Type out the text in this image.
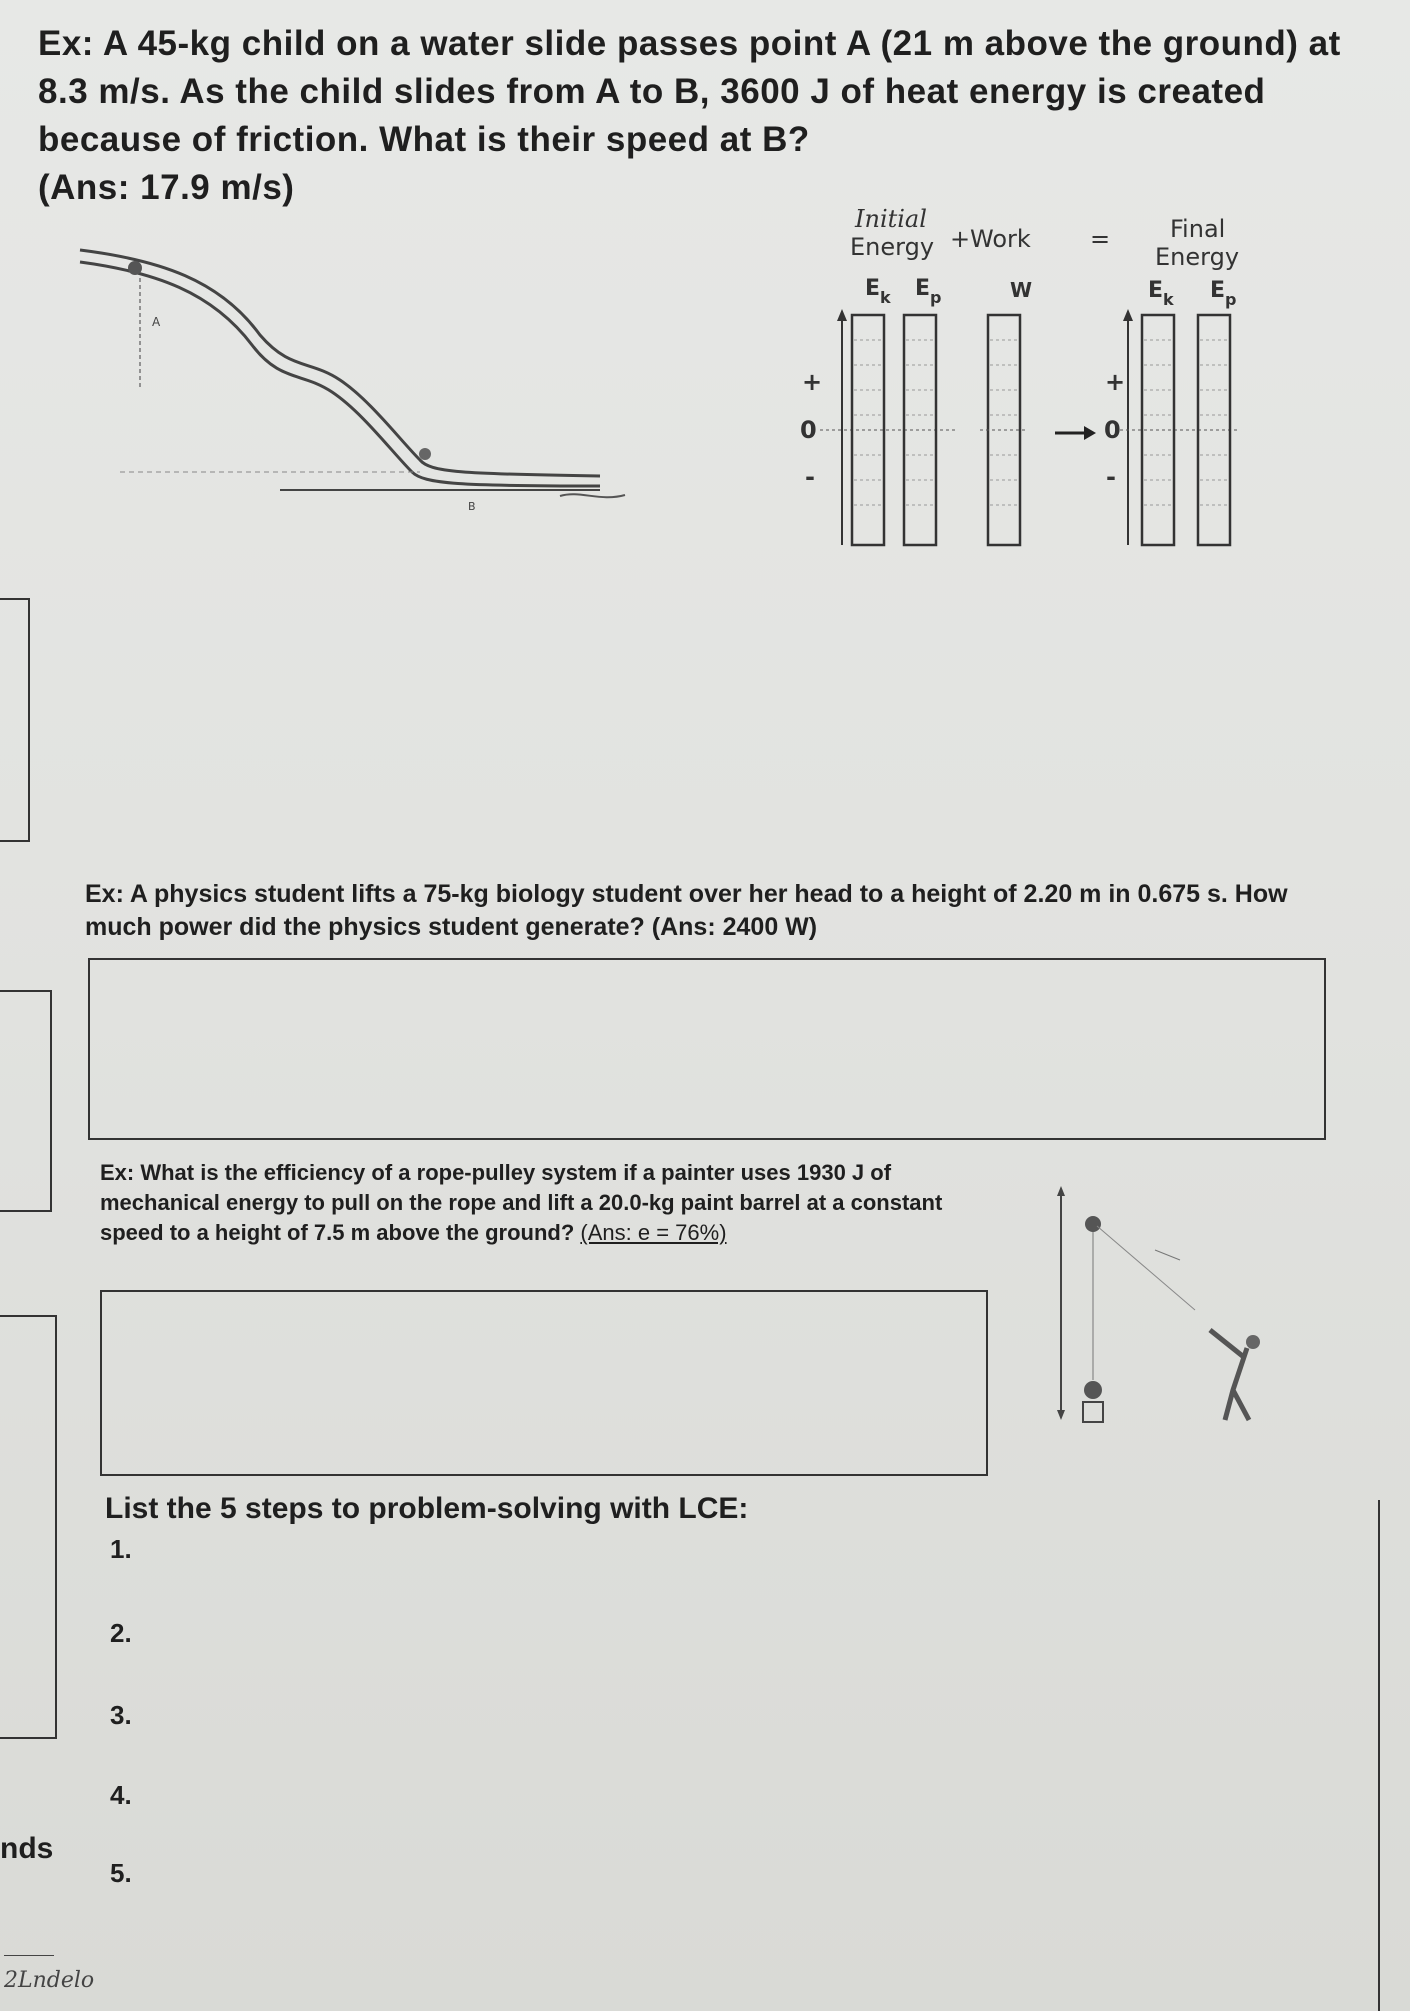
Ex: A 45-kg child on a water slide passes point A (21 m above the ground) at 8.3 m/s. As the child slides from A to B, 3600 J of heat energy is created because of friction. What is their speed at B?
(Ans: 17.9 m/s)
A
B
Initial
Energy + Work = Final
Energy
$E_k$ $E_p$	W	$E_k$ $E_p$
+
0
-
+
0
-
nds
2Lndelo
Ex: A physics student lifts a 75-kg biology student over her head to a height of 2.20 m in 0.675 s. How much power did the physics student generate? (Ans: 2400 W)
Ex: What is the efficiency of a rope-pulley system if a painter uses 1930 J of mechanical energy to pull on the rope and lift a 20.0-kg paint barrel at a constant speed to a height of 7.5 m above the ground? (Ans: e = 76%)
List the 5 steps to problem-solving with LCE:
1.
2.
3.
4.
5.
